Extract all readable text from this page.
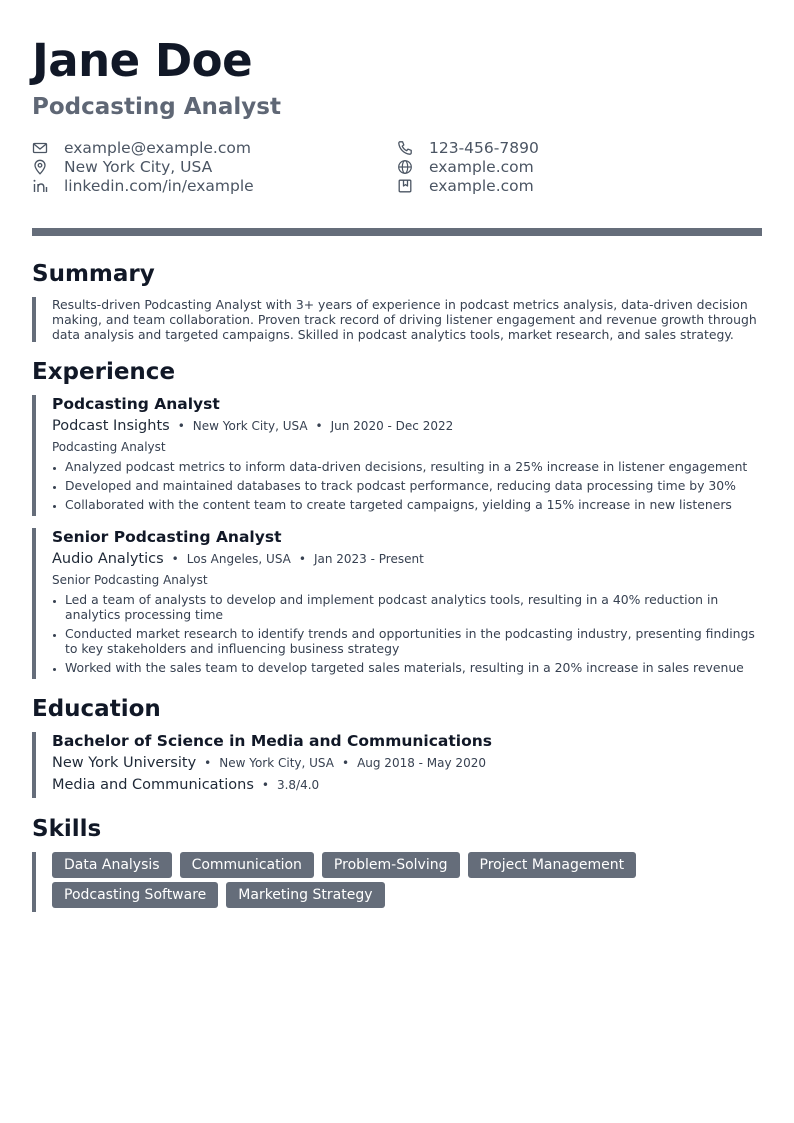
Jane Doe
Podcasting Analyst
example@example.com	123-456-7890
New York City, USA	example.com
linkedin.com/in/example	example.com
Summary
Results-driven Podcasting Analyst with 3+ years of experience in podcast metrics analysis, data-driven decision making, and team collaboration. Proven track record of driving listener engagement and revenue growth through data analysis and targeted campaigns. Skilled in podcast analytics tools, market research, and sales strategy.
Experience
Podcasting Analyst
Podcast Insights • New York City, USA • Jun 2020 - Dec 2022
Podcasting Analyst
Analyzed podcast metrics to inform data-driven decisions, resulting in a 25% increase in listener engagement
Developed and maintained databases to track podcast performance, reducing data processing time by 30%
Collaborated with the content team to create targeted campaigns, yielding a 15% increase in new listeners
Senior Podcasting Analyst
Audio Analytics • Los Angeles, USA • Jan 2023 - Present
Senior Podcasting Analyst
Led a team of analysts to develop and implement podcast analytics tools, resulting in a 40% reduction in analytics processing time
Conducted market research to identify trends and opportunities in the podcasting industry, presenting findings to key stakeholders and influencing business strategy
Worked with the sales team to develop targeted sales materials, resulting in a 20% increase in sales revenue
Education
Bachelor of Science in Media and Communications
New York University • New York City, USA • Aug 2018 - May 2020
Media and Communications • 3.8/4.0
Skills
Data Analysis	Communication	Problem-Solving	Project Management
Podcasting Software	Marketing Strategy
